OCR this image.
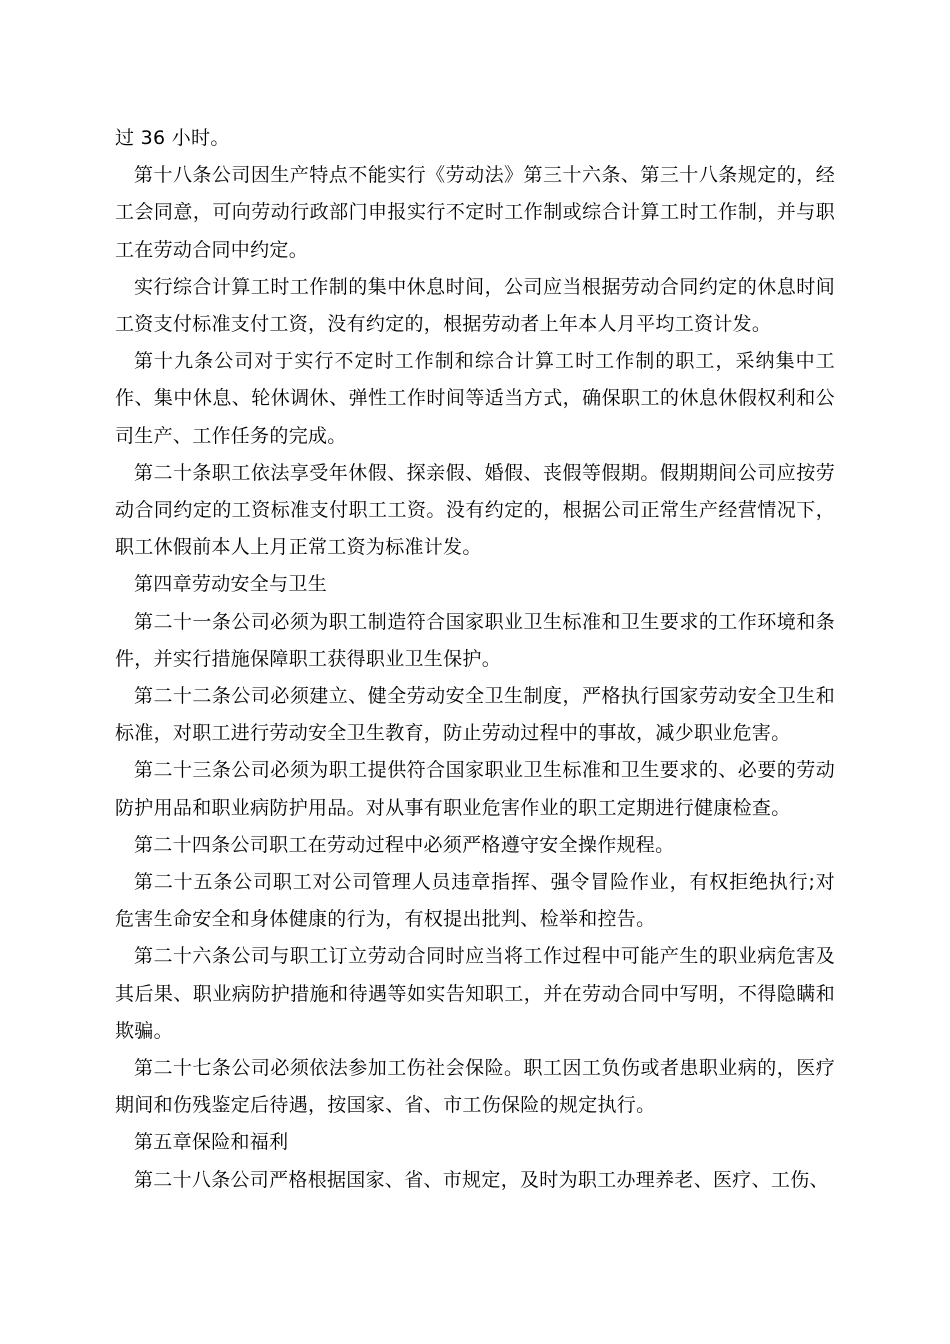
过 36 小时。

第十八条公司因生产特点不能实行《劳动法》第三十六条、第三十八条规定的，经工会同意，可向劳动行政部门申报实行不定时工作制或综合计算工时工作制，并与职工在劳动合同中约定。

实行综合计算工时工作制的集中休息时间，公司应当根据劳动合同约定的休息时间工资支付标准支付工资，没有约定的，根据劳动者上年本人月平均工资计发。

第十九条公司对于实行不定时工作制和综合计算工时工作制的职工，采纳集中工作、集中休息、轮休调休、弹性工作时间等适当方式，确保职工的休息休假权利和公司生产、工作任务的完成。

第二十条职工依法享受年休假、探亲假、婚假、丧假等假期。假期期间公司应按劳动合同约定的工资标准支付职工工资。没有约定的，根据公司正常生产经营情况下，职工休假前本人上月正常工资为标准计发。

第四章劳动安全与卫生

第二十一条公司必须为职工制造符合国家职业卫生标准和卫生要求的工作环境和条件，并实行措施保障职工获得职业卫生保护。

第二十二条公司必须建立、健全劳动安全卫生制度，严格执行国家劳动安全卫生和标准，对职工进行劳动安全卫生教育，防止劳动过程中的事故，减少职业危害。

第二十三条公司必须为职工提供符合国家职业卫生标准和卫生要求的、必要的劳动防护用品和职业病防护用品。对从事有职业危害作业的职工定期进行健康检查。

第二十四条公司职工在劳动过程中必须严格遵守安全操作规程。

第二十五条公司职工对公司管理人员违章指挥、强令冒险作业，有权拒绝执行;对危害生命安全和身体健康的行为，有权提出批判、检举和控告。

第二十六条公司与职工订立劳动合同时应当将工作过程中可能产生的职业病危害及其后果、职业病防护措施和待遇等如实告知职工，并在劳动合同中写明，不得隐瞒和欺骗。

第二十七条公司必须依法参加工伤社会保险。职工因工负伤或者患职业病的，医疗期间和伤残鉴定后待遇，按国家、省、市工伤保险的规定执行。

第五章保险和福利

第二十八条公司严格根据国家、省、市规定，及时为职工办理养老、医疗、工伤、
